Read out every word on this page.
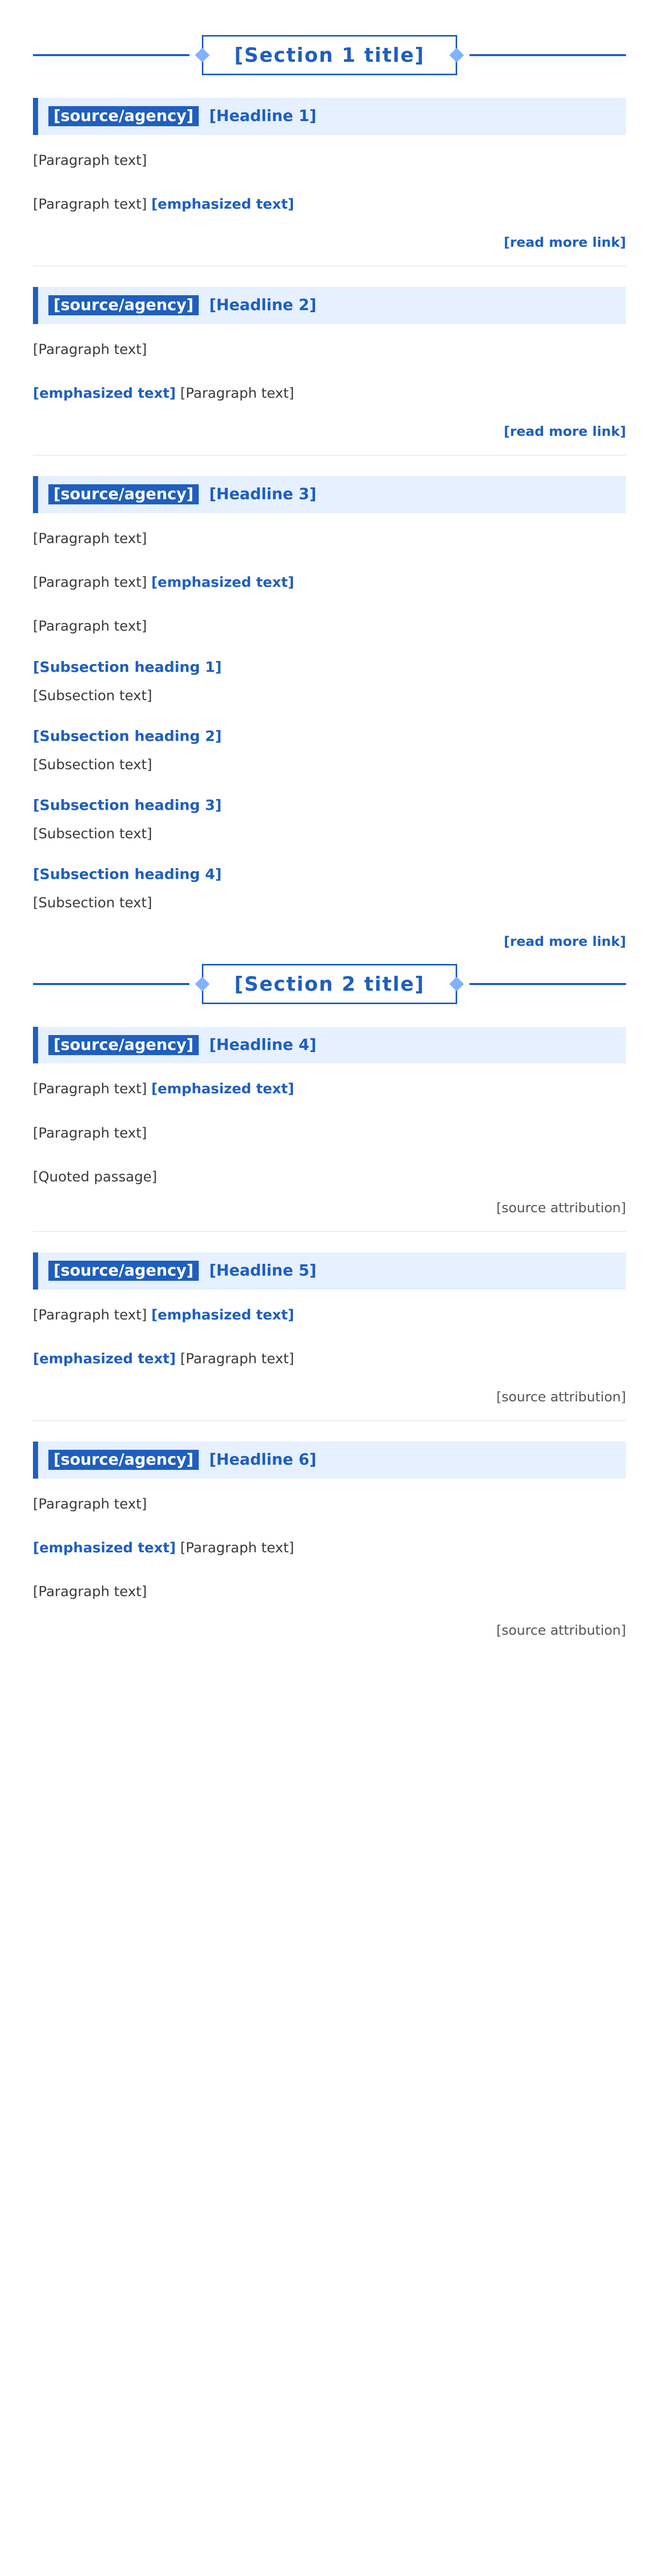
[Section 1 title]
[source/agency] [Headline 1]

[Paragraph text]

[Paragraph text] [emphasized text]

[read more link]
[source/agency] [Headline 2]

[Paragraph text]

[emphasized text] [Paragraph text]

[read more link]
[source/agency] [Headline 3]

[Paragraph text]

[Paragraph text] [emphasized text]

[Paragraph text]

[Subsection heading 1]

[Subsection text]

[Subsection heading 2]

[Subsection text]

[Subsection heading 3]

[Subsection text]

[Subsection heading 4]

[Subsection text]

[read more link]
[Section 2 title]
[source/agency] [Headline 4]

[Paragraph text] [emphasized text]

[Paragraph text]

[Quoted passage]

[source attribution]
[source/agency] [Headline 5]

[Paragraph text] [emphasized text]

[emphasized text] [Paragraph text]

[source attribution]
[source/agency] [Headline 6]

[Paragraph text]

[emphasized text] [Paragraph text]

[Paragraph text]

[source attribution]
